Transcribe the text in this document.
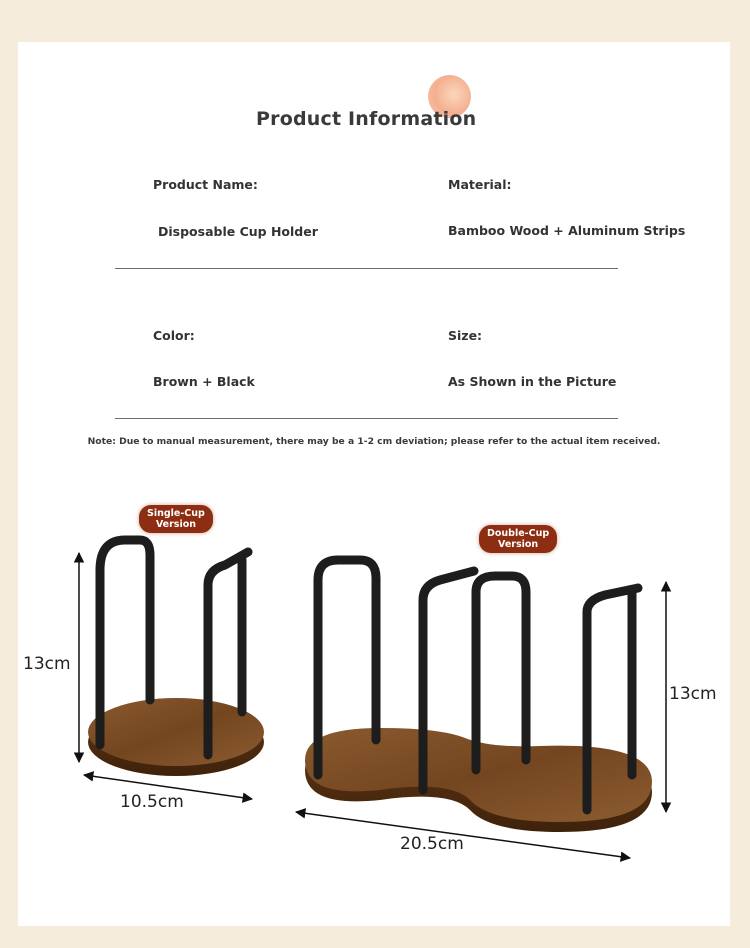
Product Information
Product Name:
Disposable Cup Holder
Material:
Bamboo Wood + Aluminum Strips
Color:
Brown + Black
Size:
As Shown in the Picture
Note: Due to manual measurement, there may be a 1-2 cm deviation; please refer to the actual item received.
Single-Cup
Version
Double-Cup
Version
13cm
10.5cm
13cm
20.5cm
